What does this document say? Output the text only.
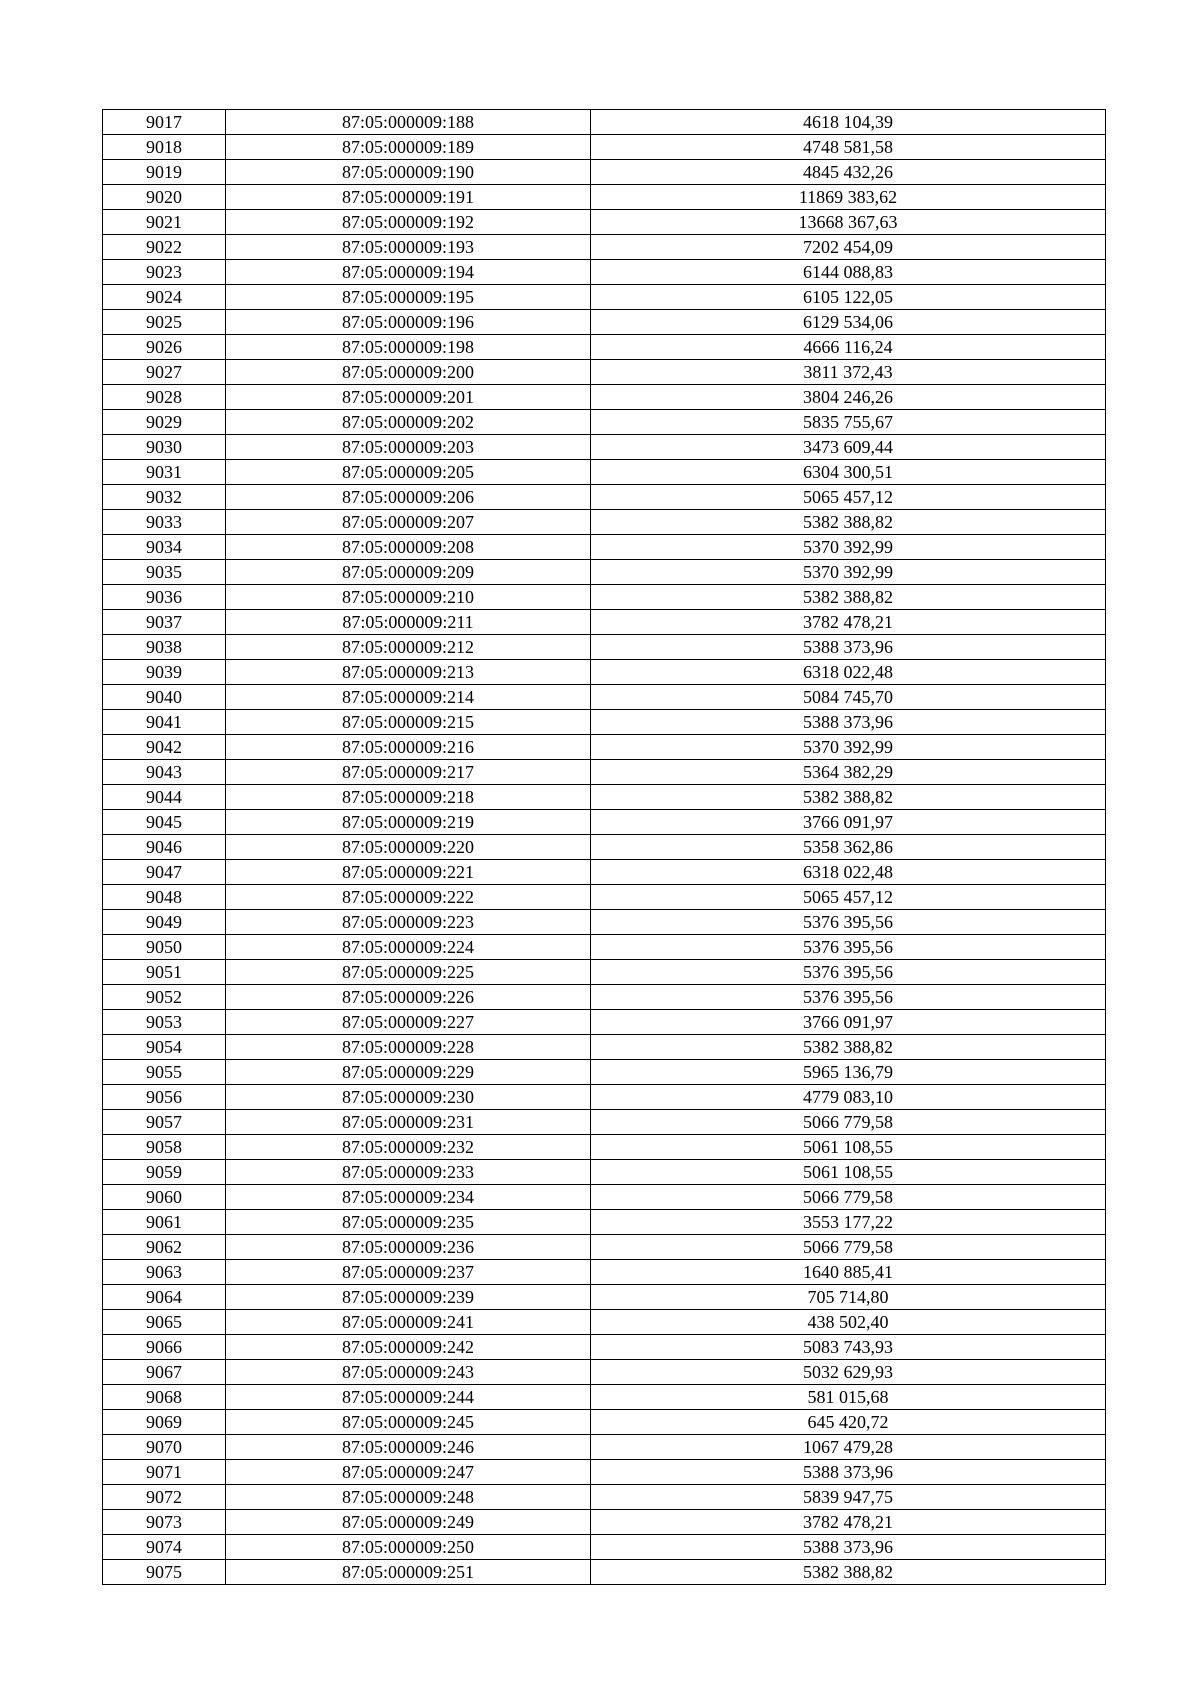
9017	87:05:000009:188	4618 104,39
9018	87:05:000009:189	4748 581,58
9019	87:05:000009:190	4845 432,26
9020	87:05:000009:191	11869 383,62
9021	87:05:000009:192	13668 367,63
9022	87:05:000009:193	7202 454,09
9023	87:05:000009:194	6144 088,83
9024	87:05:000009:195	6105 122,05
9025	87:05:000009:196	6129 534,06
9026	87:05:000009:198	4666 116,24
9027	87:05:000009:200	3811 372,43
9028	87:05:000009:201	3804 246,26
9029	87:05:000009:202	5835 755,67
9030	87:05:000009:203	3473 609,44
9031	87:05:000009:205	6304 300,51
9032	87:05:000009:206	5065 457,12
9033	87:05:000009:207	5382 388,82
9034	87:05:000009:208	5370 392,99
9035	87:05:000009:209	5370 392,99
9036	87:05:000009:210	5382 388,82
9037	87:05:000009:211	3782 478,21
9038	87:05:000009:212	5388 373,96
9039	87:05:000009:213	6318 022,48
9040	87:05:000009:214	5084 745,70
9041	87:05:000009:215	5388 373,96
9042	87:05:000009:216	5370 392,99
9043	87:05:000009:217	5364 382,29
9044	87:05:000009:218	5382 388,82
9045	87:05:000009:219	3766 091,97
9046	87:05:000009:220	5358 362,86
9047	87:05:000009:221	6318 022,48
9048	87:05:000009:222	5065 457,12
9049	87:05:000009:223	5376 395,56
9050	87:05:000009:224	5376 395,56
9051	87:05:000009:225	5376 395,56
9052	87:05:000009:226	5376 395,56
9053	87:05:000009:227	3766 091,97
9054	87:05:000009:228	5382 388,82
9055	87:05:000009:229	5965 136,79
9056	87:05:000009:230	4779 083,10
9057	87:05:000009:231	5066 779,58
9058	87:05:000009:232	5061 108,55
9059	87:05:000009:233	5061 108,55
9060	87:05:000009:234	5066 779,58
9061	87:05:000009:235	3553 177,22
9062	87:05:000009:236	5066 779,58
9063	87:05:000009:237	1640 885,41
9064	87:05:000009:239	705 714,80
9065	87:05:000009:241	438 502,40
9066	87:05:000009:242	5083 743,93
9067	87:05:000009:243	5032 629,93
9068	87:05:000009:244	581 015,68
9069	87:05:000009:245	645 420,72
9070	87:05:000009:246	1067 479,28
9071	87:05:000009:247	5388 373,96
9072	87:05:000009:248	5839 947,75
9073	87:05:000009:249	3782 478,21
9074	87:05:000009:250	5388 373,96
9075	87:05:000009:251	5382 388,82
